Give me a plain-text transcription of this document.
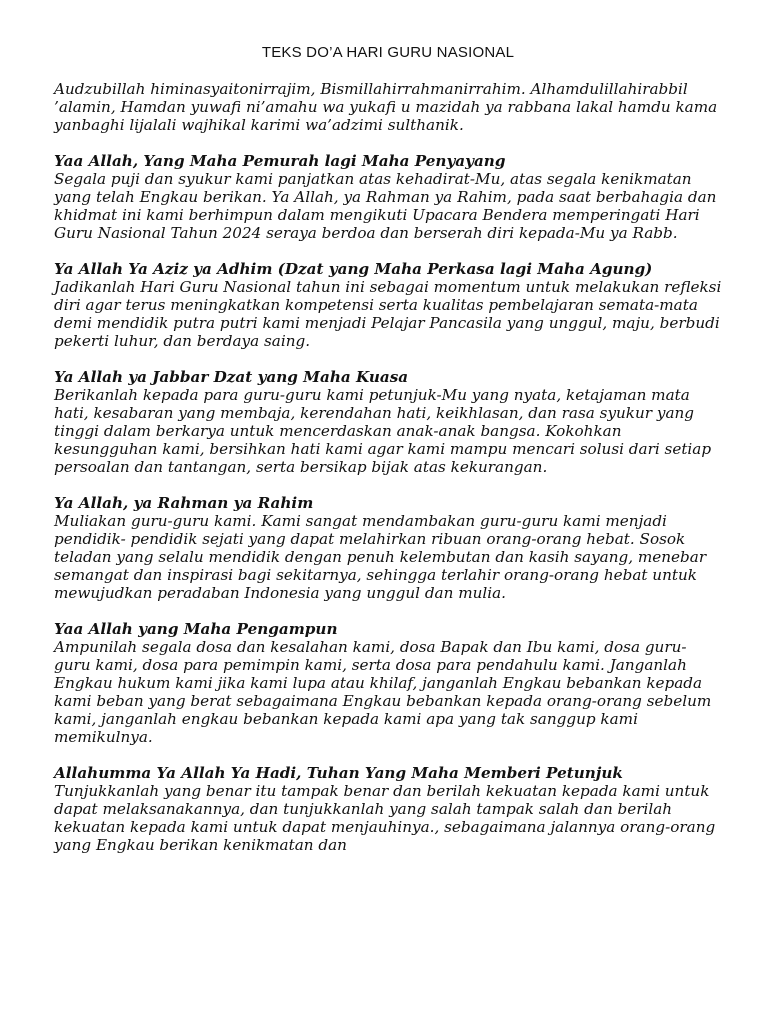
TEKS DO’A HARI GURU NASIONAL

Audzubillah himinasyaitonirrajim, Bismillahirrahmanirrahim. Alhamdulillahirabbil ’alamin, Hamdan yuwafi ni’amahu wa yukafi u mazidah ya rabbana lakal hamdu kama yanbaghi lijalali wajhikal karimi wa’adzimi sulthanik.

Yaa Allah, Yang Maha Pemurah lagi Maha Penyayang

Segala puji dan syukur kami panjatkan atas kehadirat-Mu, atas segala kenikmatan yang telah Engkau berikan. Ya Allah, ya Rahman ya Rahim, pada saat berbahagia dan khidmat ini kami berhimpun dalam mengikuti Upacara Bendera memperingati Hari Guru Nasional Tahun 2024 seraya berdoa dan berserah diri kepada-Mu ya Rabb.

Ya Allah Ya Aziz ya Adhim (Dzat yang Maha Perkasa lagi Maha Agung)

Jadikanlah Hari Guru Nasional tahun ini sebagai momentum untuk melakukan refleksi diri agar terus meningkatkan kompetensi serta kualitas pembelajaran semata-mata demi mendidik putra putri kami menjadi Pelajar Pancasila yang unggul, maju, berbudi pekerti luhur, dan berdaya saing.

Ya Allah ya Jabbar Dzat yang Maha Kuasa

Berikanlah kepada para guru-guru kami petunjuk-Mu yang nyata, ketajaman mata hati, kesabaran yang membaja, kerendahan hati, keikhlasan, dan rasa syukur yang tinggi dalam berkarya untuk mencerdaskan anak-anak bangsa. Kokohkan kesungguhan kami, bersihkan hati kami agar kami mampu mencari solusi dari setiap persoalan dan tantangan, serta bersikap bijak atas kekurangan.

Ya Allah, ya Rahman ya Rahim

Muliakan guru-guru kami. Kami sangat mendambakan guru-guru kami menjadi pendidik- pendidik sejati yang dapat melahirkan ribuan orang-orang hebat. Sosok teladan yang selalu mendidik dengan penuh kelembutan dan kasih sayang, menebar semangat dan inspirasi bagi sekitarnya, sehingga terlahir orang-orang hebat untuk mewujudkan peradaban Indonesia yang unggul dan mulia.

Yaa Allah yang Maha Pengampun

Ampunilah segala dosa dan kesalahan kami, dosa Bapak dan Ibu kami, dosa guru-guru kami, dosa para pemimpin kami, serta dosa para pendahulu kami. Janganlah Engkau hukum kami jika kami lupa atau khilaf, janganlah Engkau bebankan kepada kami beban yang berat sebagaimana Engkau bebankan kepada orang-orang sebelum kami, janganlah engkau bebankan kepada kami apa yang tak sanggup kami memikulnya.

Allahumma Ya Allah Ya Hadi, Tuhan Yang Maha Memberi Petunjuk

Tunjukkanlah yang benar itu tampak benar dan berilah kekuatan kepada kami untuk dapat melaksanakannya, dan tunjukkanlah yang salah tampak salah dan berilah kekuatan kepada kami untuk dapat menjauhinya., sebagaimana jalannya orang-orang yang Engkau berikan kenikmatan dan
